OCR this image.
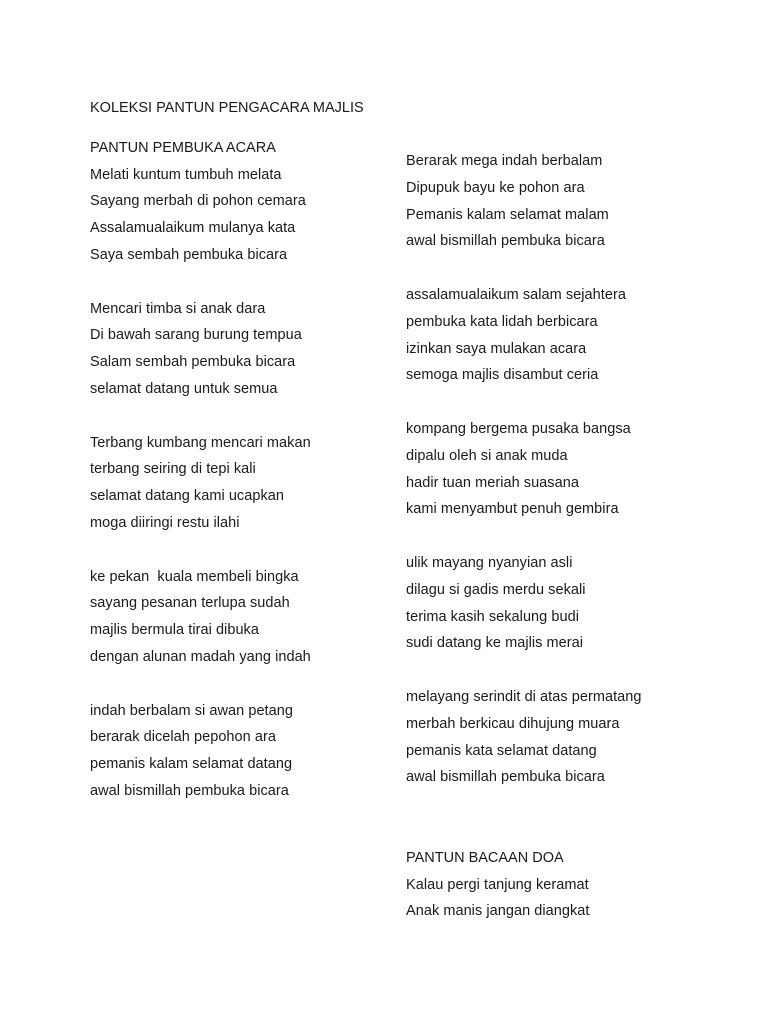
KOLEKSI PANTUN PENGACARA MAJLIS
PANTUN PEMBUKA ACARA
Melati kuntum tumbuh melata
Sayang merbah di pohon cemara
Assalamualaikum mulanya kata
Saya sembah pembuka bicara
Mencari timba si anak dara
Di bawah sarang burung tempua
Salam sembah pembuka bicara
selamat datang untuk semua
Terbang kumbang mencari makan
terbang seiring di tepi kali
selamat datang kami ucapkan
moga diiringi restu ilahi
ke pekan  kuala membeli bingka
sayang pesanan terlupa sudah
majlis bermula tirai dibuka
dengan alunan madah yang indah
indah berbalam si awan petang
berarak dicelah pepohon ara
pemanis kalam selamat datang
awal bismillah pembuka bicara
Berarak mega indah berbalam
Dipupuk bayu ke pohon ara
Pemanis kalam selamat malam
awal bismillah pembuka bicara
assalamualaikum salam sejahtera
pembuka kata lidah berbicara
izinkan saya mulakan acara
semoga majlis disambut ceria
kompang bergema pusaka bangsa
dipalu oleh si anak muda
hadir tuan meriah suasana
kami menyambut penuh gembira
ulik mayang nyanyian asli
dilagu si gadis merdu sekali
terima kasih sekalung budi
sudi datang ke majlis merai
melayang serindit di atas permatang
merbah berkicau dihujung muara
pemanis kata selamat datang
awal bismillah pembuka bicara
PANTUN BACAAN DOA
Kalau pergi tanjung keramat
Anak manis jangan diangkat
